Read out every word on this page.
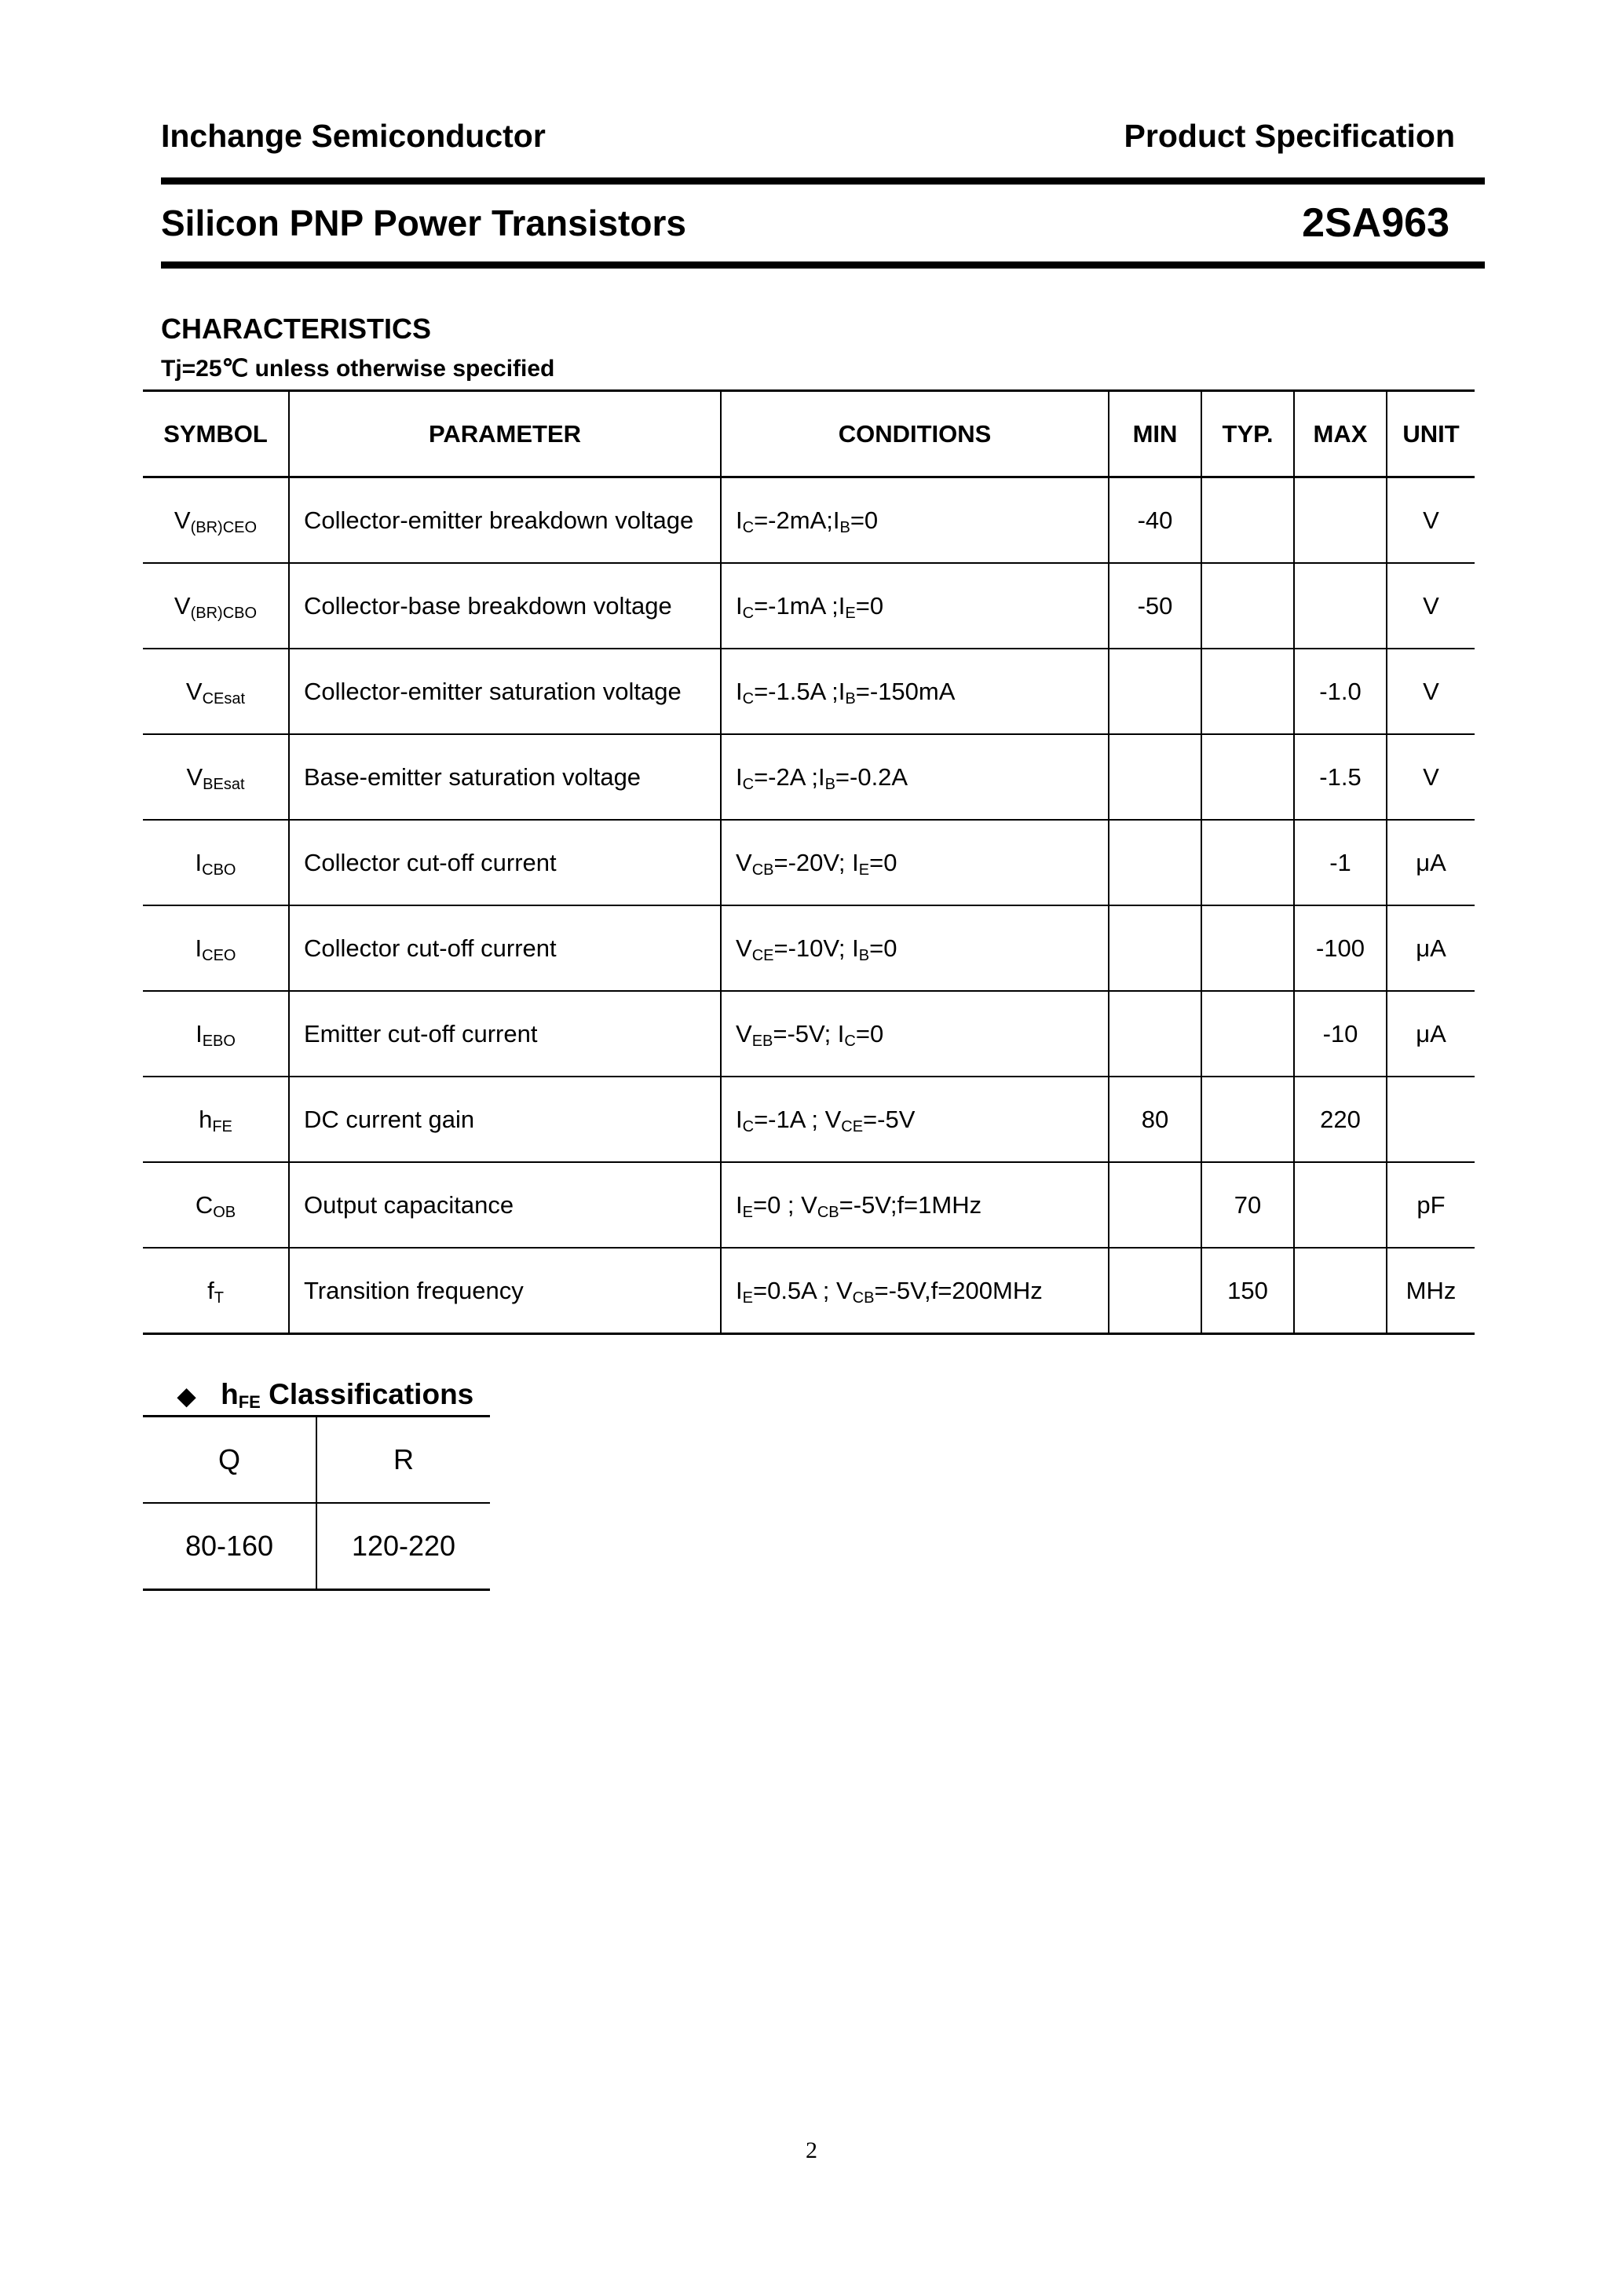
Inchange Semiconductor	Product Specification
Silicon PNP Power Transistors	2SA963
CHARACTERISTICS
Tj=25℃ unless otherwise specified
SYMBOL	PARAMETER	CONDITIONS	MIN	TYP.	MAX	UNIT
$V_{(BR)CEO}$	Collector-emitter breakdown voltage	$I_C=-2mA;I_B=0$	-40			V
$V_{(BR)CBO}$	Collector-base breakdown voltage	$I_C=-1mA$ $;I_E=0$	-50			V
$V_{CEsat}$	Collector-emitter saturation voltage	$I_C=-1.5A$ $;I_B=-150mA$			-1.0	V
$V_{BEsat}$	Base-emitter saturation voltage	$I_C=-2A$ $;I_B=-0.2A$			-1.5	V
$I_{CBO}$	Collector cut-off current	$V_{CB}=-20V$; $I_E=0$			-1	μA
$I_{CEO}$	Collector cut-off current	$V_{CE}=-10V$; $I_B=0$			-100	μA
$I_{EBO}$	Emitter cut-off current	$V_{EB}=-5V$; $I_C=0$			-10	μA
$h_{FE}$	DC current gain	$I_C=-1A$ ; $V_{CE}=-5V$	80		220	
$C_{OB}$	Output capacitance	$I_E=0$ ; $V_{CB}=-5V;f=1MHz$		70		pF
$f_T$	Transition frequency	$I_E=0.5A$ ; $V_{CB}=-5V,f=200MHz$		150		MHz
◆ $h_{FE}$ Classifications
Q	R
80-160	120-220
2
